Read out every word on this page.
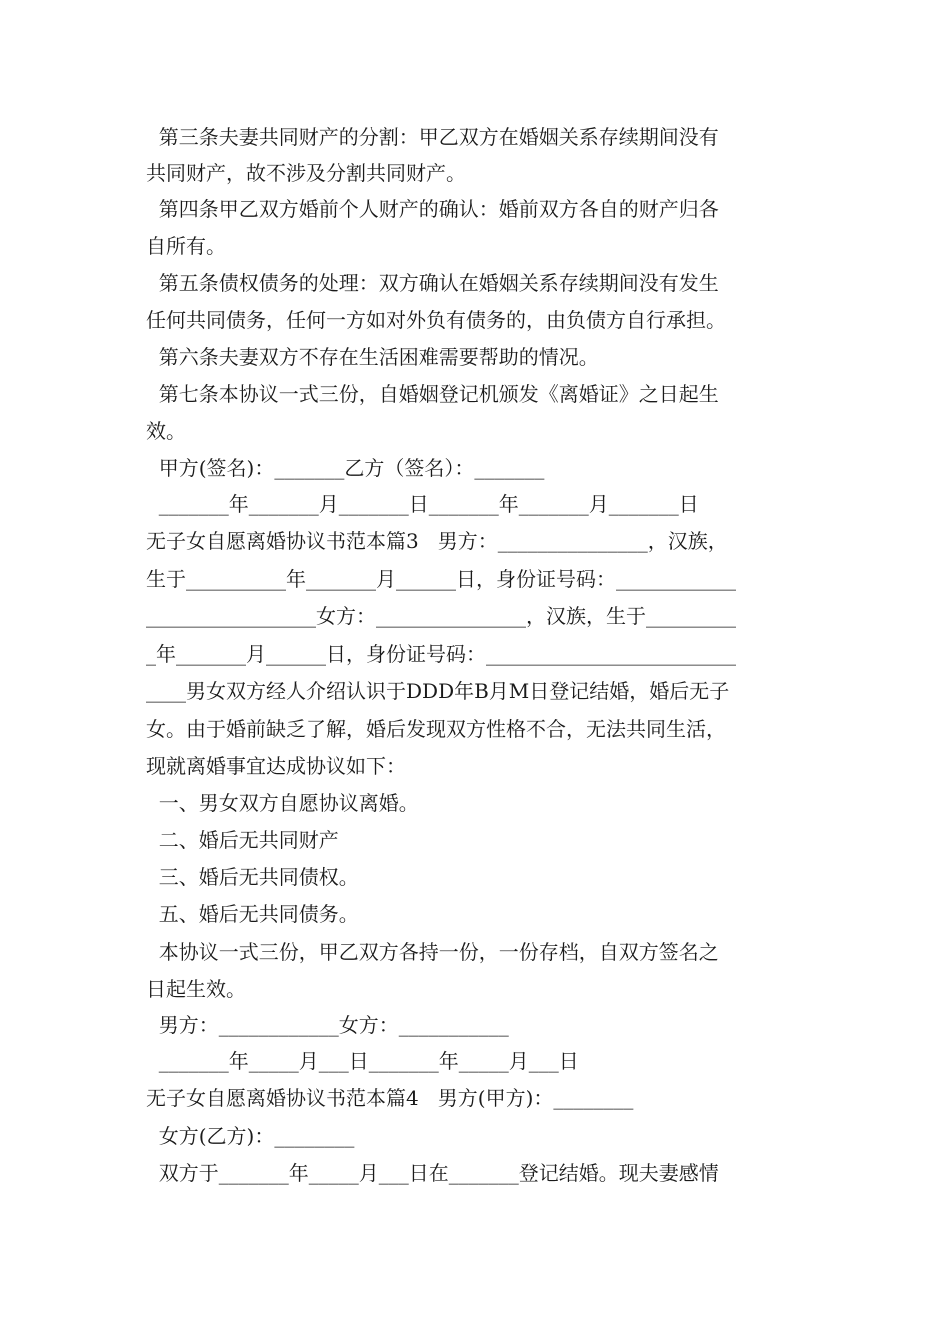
第三条夫妻共同财产的分割：甲乙双方在婚姻关系存续期间没有
共同财产，故不涉及分割共同财产。
第四条甲乙双方婚前个人财产的确认：婚前双方各自的财产归各
自所有。
第五条债权债务的处理：双方确认在婚姻关系存续期间没有发生
任何共同债务，任何一方如对外负有债务的，由负债方自行承担。
第六条夫妻双方不存在生活困难需要帮助的情况。
第七条本协议一式三份，自婚姻登记机颁发《离婚证》之日起生
效。
甲方(签名)：_______乙方（签名）：_______
_______年_______月_______日_______年_______月_______日
无子女自愿离婚协议书范本篇3   男方：_______________，汉族，
生于__________年_______月______日，身份证号码：____________
_________________女方：_______________，汉族，生于_________
_年_______月______日，身份证号码：_________________________
____男女双方经人介绍认识于DDD年B月M日登记结婚，婚后无子
女。由于婚前缺乏了解，婚后发现双方性格不合，无法共同生活，
现就离婚事宜达成协议如下：
一、男女双方自愿协议离婚。
二、婚后无共同财产
三、婚后无共同债权。
五、婚后无共同债务。
本协议一式三份，甲乙双方各持一份，一份存档，自双方签名之
日起生效。
男方：____________女方：___________
_______年_____月___日_______年_____月___日
无子女自愿离婚协议书范本篇4   男方(甲方)：________
女方(乙方)：________
双方于_______年_____月___日在_______登记结婚。现夫妻感情
